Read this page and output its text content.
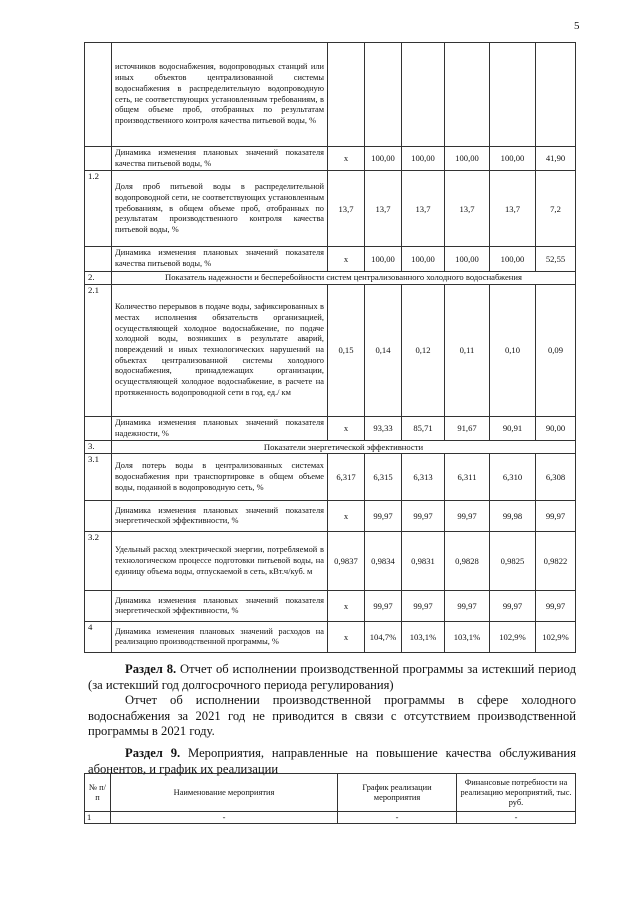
5
	источников водоснабжения, водопроводных станций или иных объектов централизованной системы водоснабжения в распределительную водопроводную сеть, не соответствующих установленным требованиям, в общем объеме проб, отобранных по результатам производственного контроля качества питьевой воды, %						
	Динамика изменения плановых значений показателя качества питьевой воды, %	х	100,00	100,00	100,00	100,00	41,90
1.2	Доля проб питьевой воды в распределительной водопроводной сети, не соответствующих установленным требованиям, в общем объеме проб, отобранных по результатам производственного контроля качества питьевой воды, %	13,7	13,7	13,7	13,7	13,7	7,2
	Динамика изменения плановых значений показателя качества питьевой воды, %	х	100,00	100,00	100,00	100,00	52,55
2.	Показатель надежности и бесперебойности систем централизованного холодного водоснабжения						
2.1	Количество перерывов в подаче воды, зафиксированных в местах исполнения обязательств организацией, осуществляющей холодное водоснабжение, по подаче холодной воды, возникших в результате аварий, повреждений и иных технологических нарушений на объектах централизованной системы холодного водоснабжения, принадлежащих организации, осуществляющей холодное водоснабжение, в расчете на протяженность водопроводной сети в год, ед./ км	0,15	0,14	0,12	0,11	0,10	0,09
	Динамика изменения плановых значений показателя надежности, %	х	93,33	85,71	91,67	90,91	90,00
3.	Показатели энергетической эффективности						
3.1	Доля потерь воды в централизованных системах водоснабжения при транспортировке в общем объеме воды, поданной в водопроводную сеть, %	6,317	6,315	6,313	6,311	6,310	6,308
	Динамика изменения плановых значений показателя энергетической эффективности, %	х	99,97	99,97	99,97	99,98	99,97
3.2	Удельный расход электрической энергии, потребляемой в технологическом процессе подготовки питьевой воды, на единицу объема воды, отпускаемой в сеть, кВт.ч/куб. м	0,9837	0,9834	0,9831	0,9828	0,9825	0,9822
	Динамика изменения плановых значений показателя энергетической эффективности, %	х	99,97	99,97	99,97	99,97	99,97
4	Динамика изменения плановых значений расходов на реализацию производственной программы, %	х	104,7%	103,1%	103,1%	102,9%	102,9%
Раздел 8. Отчет об исполнении производственной программы за истекший период (за истекший год долгосрочного периода регулирования)
Отчет об исполнении производственной программы в сфере холодного водоснабжения за 2021 год не приводится в связи с отсутствием производственной программы в 2021 году.
Раздел 9. Мероприятия, направленные на повышение качества обслуживания абонентов, и график их реализации
№ п/п	Наименование мероприятия	График реализации мероприятия	Финансовые потребности на реализацию мероприятий, тыс. руб.
1	-	-	-
